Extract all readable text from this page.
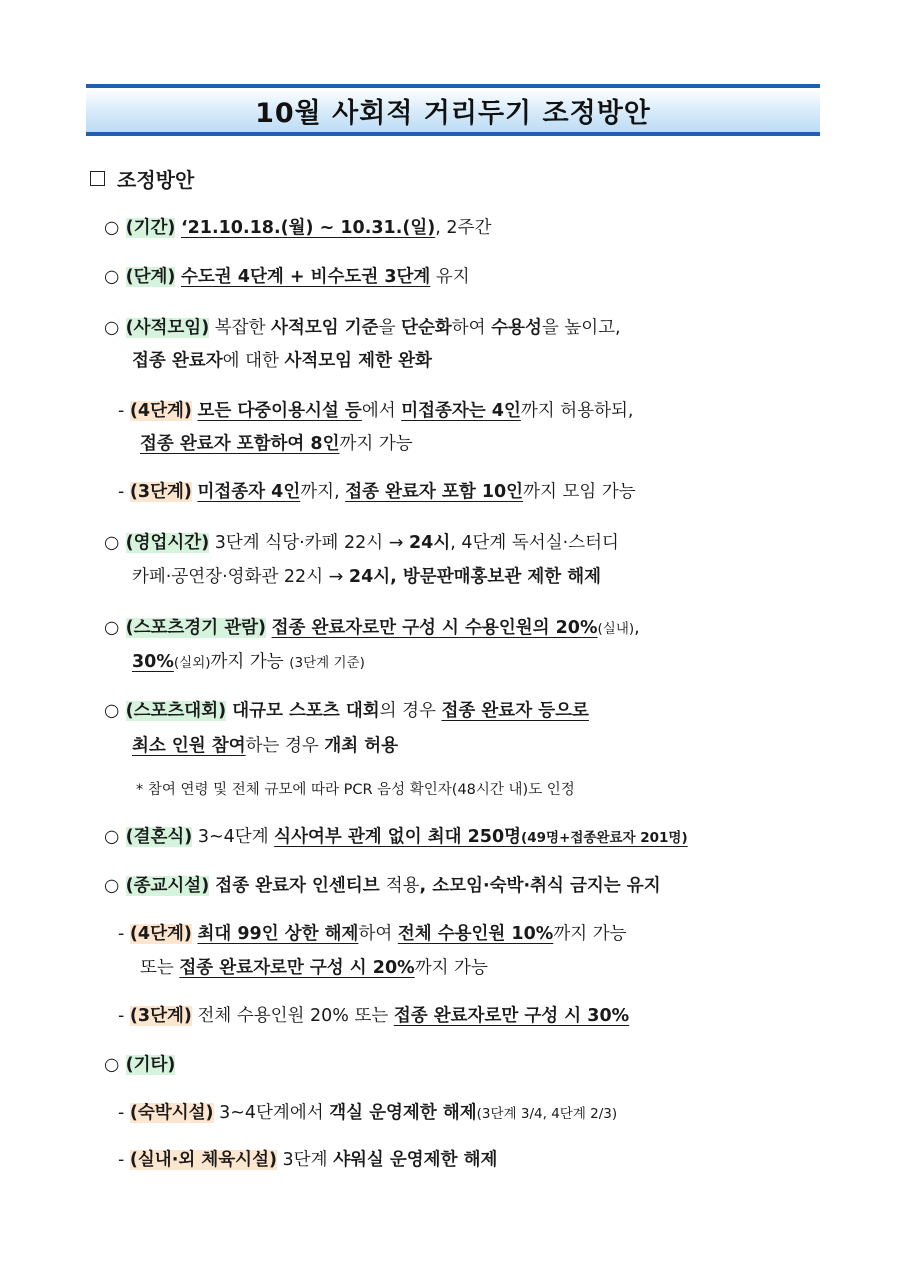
10월 사회적 거리두기 조정방안
조정방안
○ (기간) ‘21.10.18.(월) ~ 10.31.(일), 2주간
○ (단계) 수도권 4단계 + 비수도권 3단계 유지
○ (사적모임) 복잡한 사적모임 기준을 단순화하여 수용성을 높이고,
접종 완료자에 대한 사적모임 제한 완화
- (4단계) 모든 다중이용시설 등에서 미접종자는 4인까지 허용하되,
접종 완료자 포함하여 8인까지 가능
- (3단계) 미접종자 4인까지, 접종 완료자 포함 10인까지 모임 가능
○ (영업시간) 3단계 식당·카페 22시 → 24시, 4단계 독서실·스터디
카페·공연장·영화관 22시 → 24시, 방문판매홍보관 제한 해제
○ (스포츠경기 관람) 접종 완료자로만 구성 시 수용인원의 20%(실내),
30%(실외)까지 가능 (3단계 기준)
○ (스포츠대회) 대규모 스포츠 대회의 경우 접종 완료자 등으로
최소 인원 참여하는 경우 개최 허용
* 참여 연령 및 전체 규모에 따라 PCR 음성 확인자(48시간 내)도 인정
○ (결혼식) 3~4단계 식사여부 관계 없이 최대 250명(49명+접종완료자 201명)
○ (종교시설) 접종 완료자 인센티브 적용, 소모임·숙박·취식 금지는 유지
- (4단계) 최대 99인 상한 해제하여 전체 수용인원 10%까지 가능
또는 접종 완료자로만 구성 시 20%까지 가능
- (3단계) 전체 수용인원 20% 또는 접종 완료자로만 구성 시 30%
○ (기타)
- (숙박시설) 3~4단계에서 객실 운영제한 해제(3단계 3/4, 4단계 2/3)
- (실내·외 체육시설) 3단계 샤워실 운영제한 해제
